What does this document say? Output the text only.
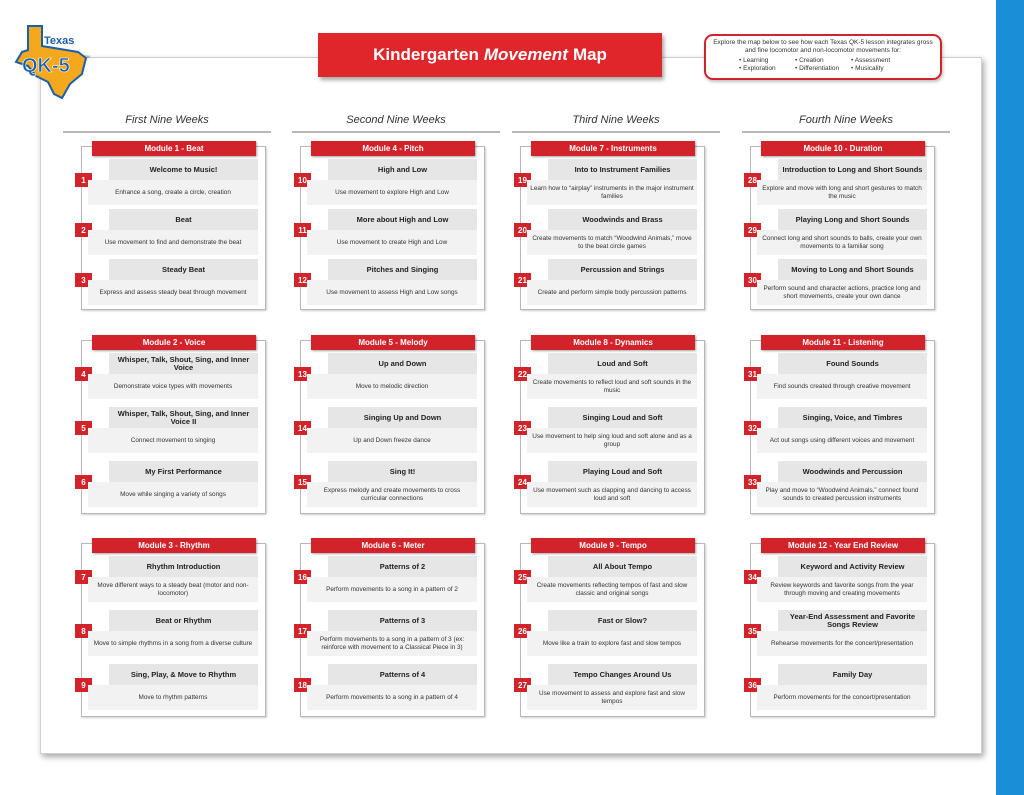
Texas
QK-5	TM	Kindergarten Movement Map
Explore the map below to see how each Texas QK-5 lesson integrates gross and fine locomotor and non-locomotor movements for:
• Learning	• Creation	• Assessment
• Exploration	• Differentiation	• Musicality
First Nine Weeks	Second Nine Weeks	Third Nine Weeks	Fourth Nine Weeks
Module 1 - Beat
1
Welcome to Music!
Enhance a song, create a circle, creation
2
Beat
Use movement to find and demonstrate the beat
3
Steady Beat
Express and assess steady beat through movement
Module 4 - Pitch
10
High and Low
Use movement to explore High and Low
11
More about High and Low
Use movement to create High and Low
12
Pitches and Singing
Use movement to assess High and Low songs
Module 7 - Instruments
19
Into to Instrument Families
Learn how to “airplay” instruments in the major instrument families
20
Woodwinds and Brass
Create movements to match “Woodwind Animals,” move to the beat circle games
21
Percussion and Strings
Create and perform simple body percussion patterns
Module 10 - Duration
28
Introduction to Long and Short Sounds
Explore and move with long and short gestures to match the music
29
Playing Long and Short Sounds
Connect long and short sounds to balls, create your own movements to a familiar song
30
Moving to Long and Short Sounds
Perform sound and character actions, practice long and short movements, create your own dance
Module 2 - Voice
4
Whisper, Talk, Shout, Sing, and Inner Voice
Demonstrate voice types with movements
5
Whisper, Talk, Shout, Sing, and Inner Voice II
Connect movement to singing
6
My First Performance
Move while singing a variety of songs
Module 5 - Melody
13
Up and Down
Move to melodic direction
14
Singing Up and Down
Up and Down freeze dance
15
Sing It!
Express melody and create movements to cross curricular connections
Module 8 - Dynamics
22
Loud and Soft
Create movements to reflect loud and soft sounds in the music
23
Singing Loud and Soft
Use movement to help sing loud and soft alone and as a group
24
Playing Loud and Soft
Use movement such as clapping and dancing to access loud and soft
Module 11 - Listening
31
Found Sounds
Find sounds created through creative movement
32
Singing, Voice, and Timbres
Act out songs using different voices and movement
33
Woodwinds and Percussion
Play and move to “Woodwind Animals,” connect found sounds to created percussion instruments
Module 3 - Rhythm
7
Rhythm Introduction
Move different ways to a steady beat (motor and non-locomotor)
8
Beat or Rhythm
Move to simple rhythms in a song from a diverse culture
9
Sing, Play, & Move to Rhythm
Move to rhythm patterns
Module 6 - Meter
16
Patterns of 2
Perform movements to a song in a pattern of 2
17
Patterns of 3
Perform movements to a song in a pattern of 3 (ex: reinforce with movement to a Classical Piece in 3)
18
Patterns of 4
Perform movements to a song in a pattern of 4
Module 9 - Tempo
25
All About Tempo
Create movements reflecting tempos of fast and slow classic and original songs
26
Fast or Slow?
Move like a train to explore fast and slow tempos
27
Tempo Changes Around Us
Use movement to assess and explore fast and slow tempos
Module 12 - Year End Review
34
Keyword and Activity Review
Review keywords and favorite songs from the year through moving and creating movements
35
Year-End Assessment and Favorite Songs Review
Rehearse movements for the concert/presentation
36
Family Day
Perform movements for the concert/presentation
